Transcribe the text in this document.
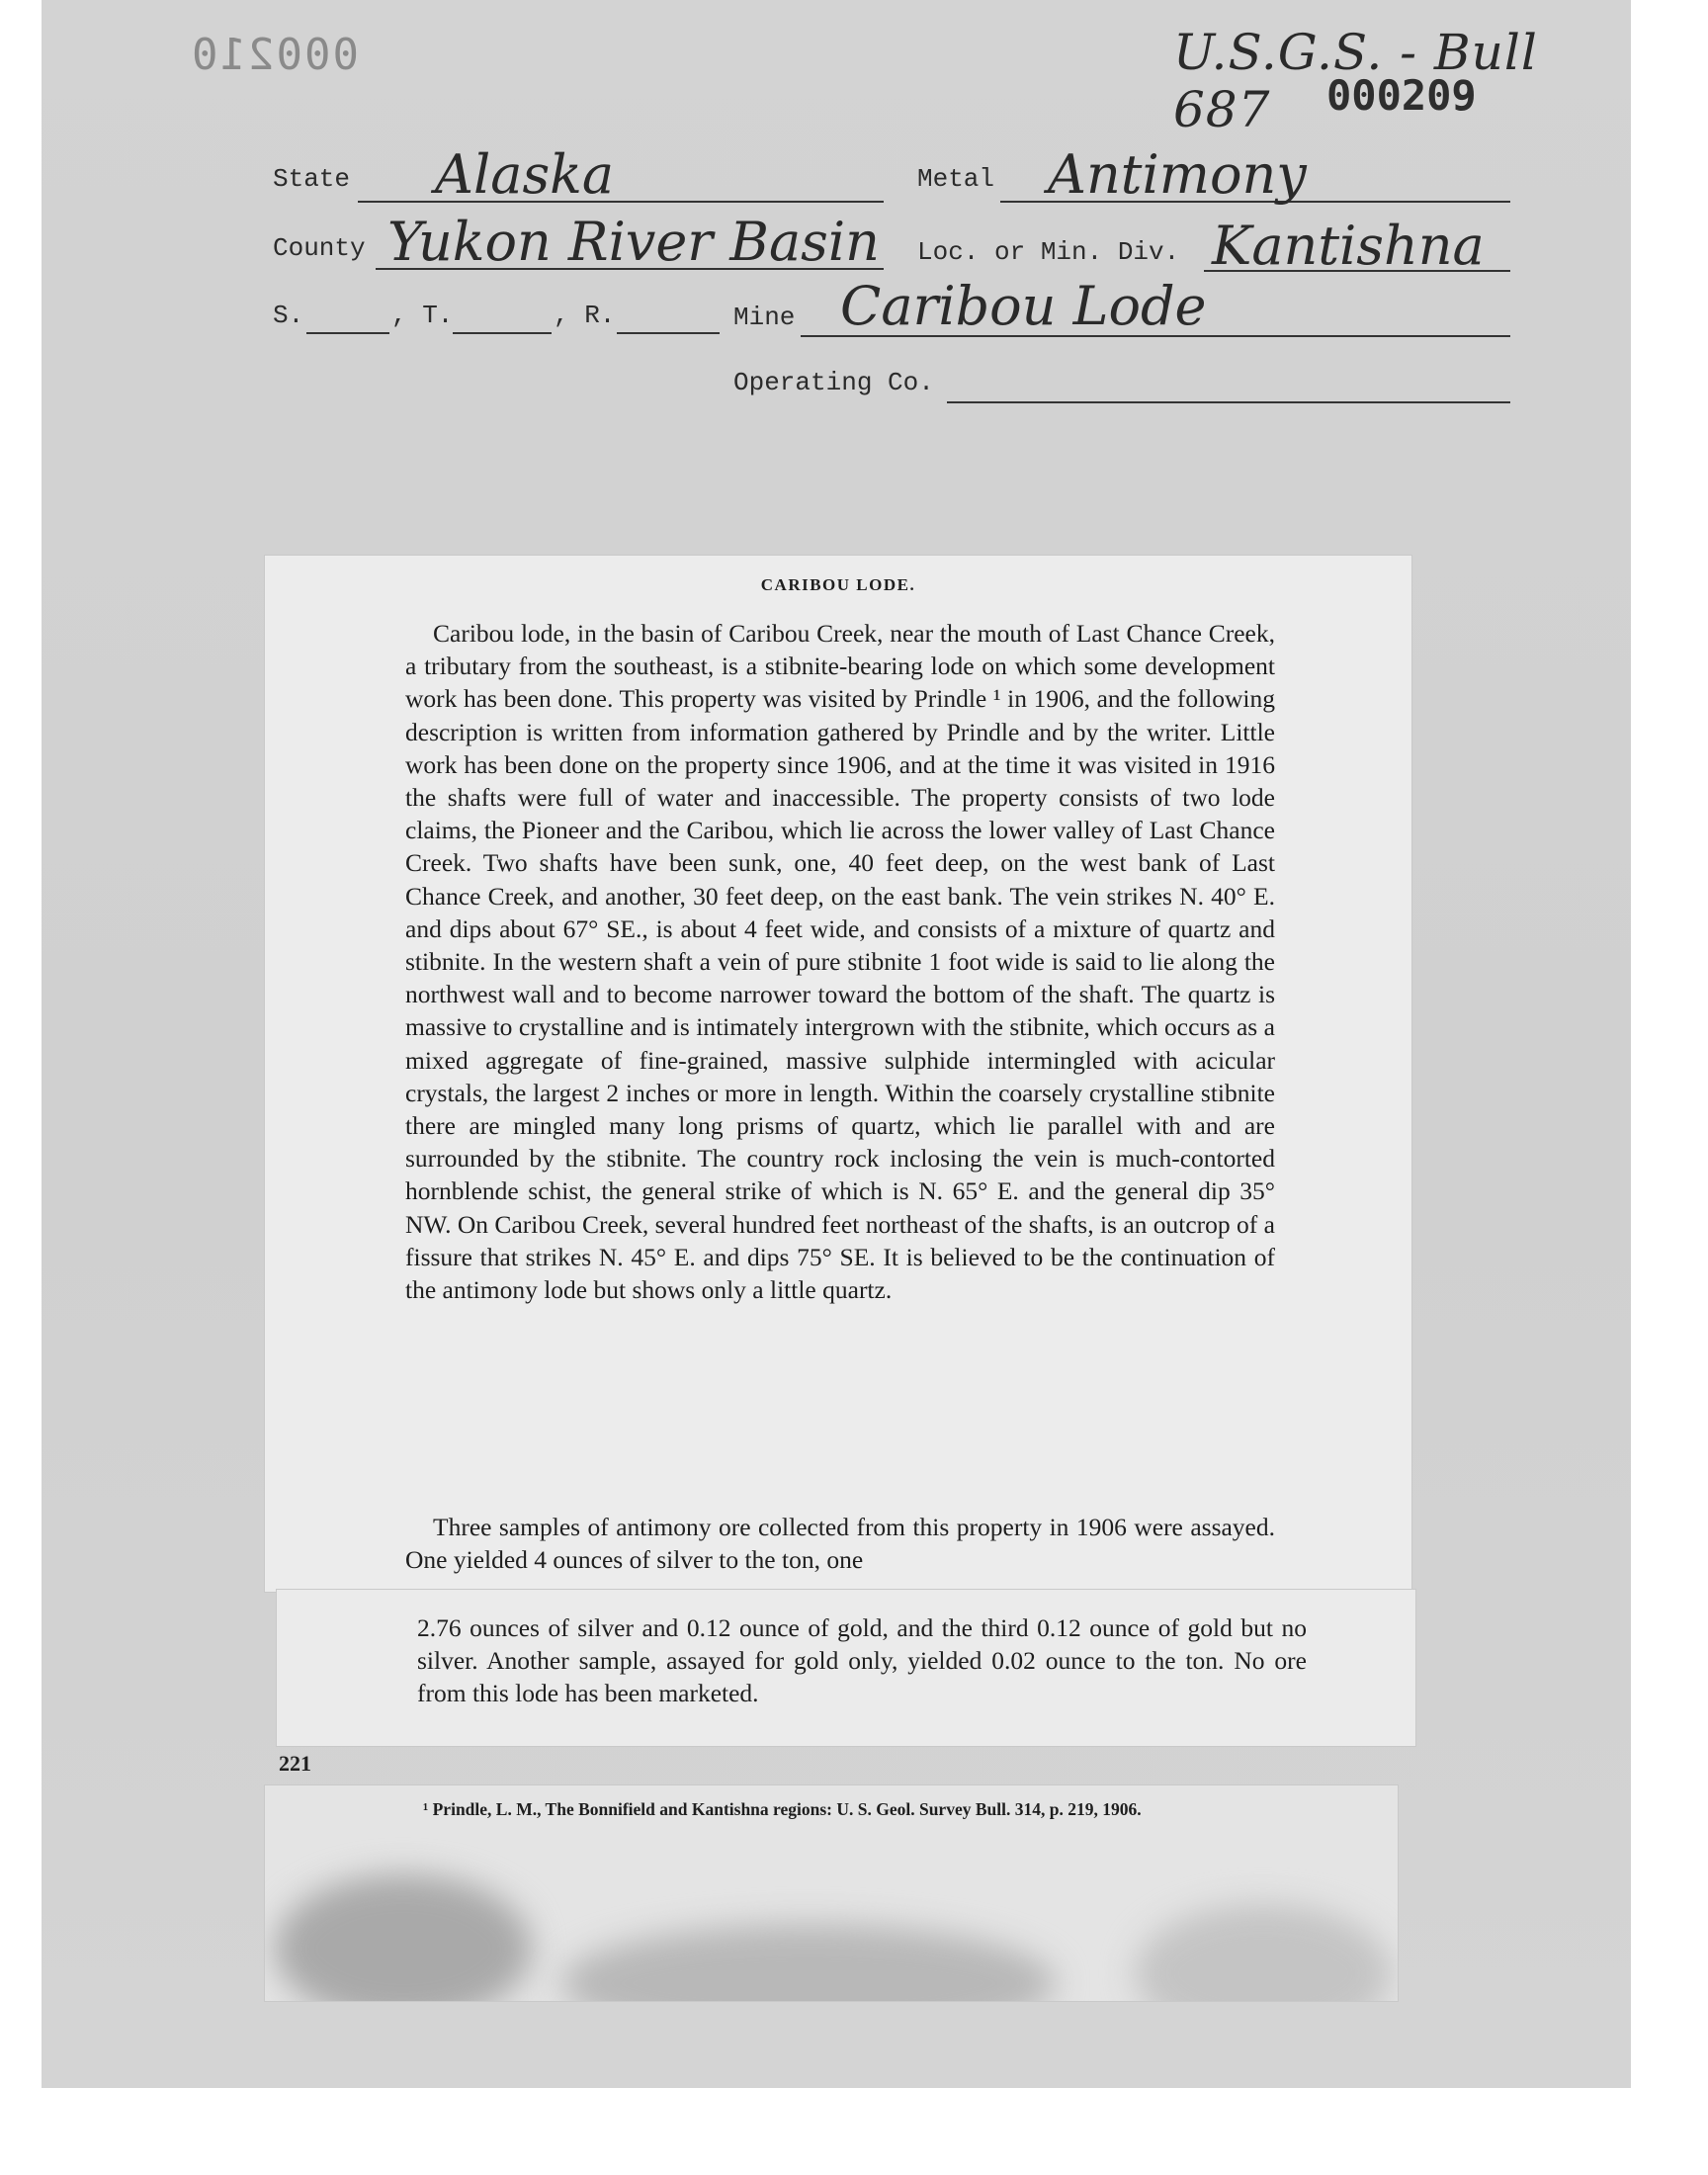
000210	U.S.G.S. - Bull 687	000209
State Alaska	Metal Antimony
County Yukon River Basin Loc. or Min. Div. Kantishna
S.	, T.	, R.	Mine Caribou Lode
Operating Co.
CARIBOU LODE.

Caribou lode, in the basin of Caribou Creek, near the mouth of Last Chance Creek, a tributary from the southeast, is a stibnite-bearing lode on which some development work has been done. This property was visited by Prindle ¹ in 1906, and the following description is written from information gathered by Prindle and by the writer. Little work has been done on the property since 1906, and at the time it was visited in 1916 the shafts were full of water and inaccessible. The property consists of two lode claims, the Pioneer and the Caribou, which lie across the lower valley of Last Chance Creek. Two shafts have been sunk, one, 40 feet deep, on the west bank of Last Chance Creek, and another, 30 feet deep, on the east bank. The vein strikes N. 40° E. and dips about 67° SE., is about 4 feet wide, and consists of a mixture of quartz and stibnite. In the western shaft a vein of pure stibnite 1 foot wide is said to lie along the northwest wall and to become narrower toward the bottom of the shaft. The quartz is massive to crystalline and is intimately intergrown with the stibnite, which occurs as a mixed aggregate of fine-grained, massive sulphide intermingled with acicular crystals, the largest 2 inches or more in length. Within the coarsely crystalline stibnite there are mingled many long prisms of quartz, which lie parallel with and are surrounded by the stibnite. The country rock inclosing the vein is much-contorted hornblende schist, the general strike of which is N. 65° E. and the general dip 35° NW. On Caribou Creek, several hundred feet northeast of the shafts, is an outcrop of a fissure that strikes N. 45° E. and dips 75° SE. It is believed to be the continuation of the antimony lode but shows only a little quartz.

Three samples of antimony ore collected from this property in 1906 were assayed. One yielded 4 ounces of silver to the ton, one

2.76 ounces of silver and 0.12 ounce of gold, and the third 0.12 ounce of gold but no silver. Another sample, assayed for gold only, yielded 0.02 ounce to the ton. No ore from this lode has been marketed.

221

¹ Prindle, L. M., The Bonnifield and Kantishna regions: U. S. Geol. Survey Bull. 314, p. 219, 1906.
